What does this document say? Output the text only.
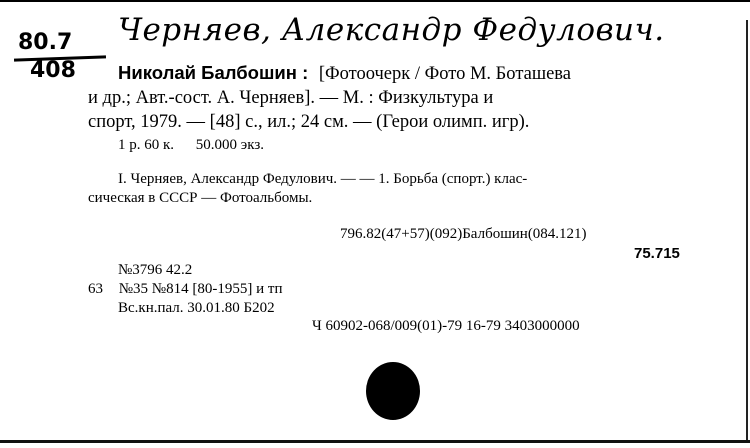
Черняев, Александр Федулович.
80.7
408 Николай Балбошин : [Фотоочерк / Фото М. Боташева
и др.; Авт.-сост. А. Черняев]. — М. : Физкультура и
спорт, 1979. — [48] с., ил.; 24 см. — (Герои олимп. игр).
1 р. 60 к. 50.000 экз.
I. Черняев, Александр Федулович. — — 1. Борьба (спорт.) клас-
сическая в СССР — Фотоальбомы.
796.82(47+57)(092)Балбошин(084.121)
75.715
№3796 42.2
63 №35 №814 [80-1955] и тп
Вс.кн.пал. 30.01.80 Б202
Ч 60902-068/009(01)-79 16-79 3403000000
